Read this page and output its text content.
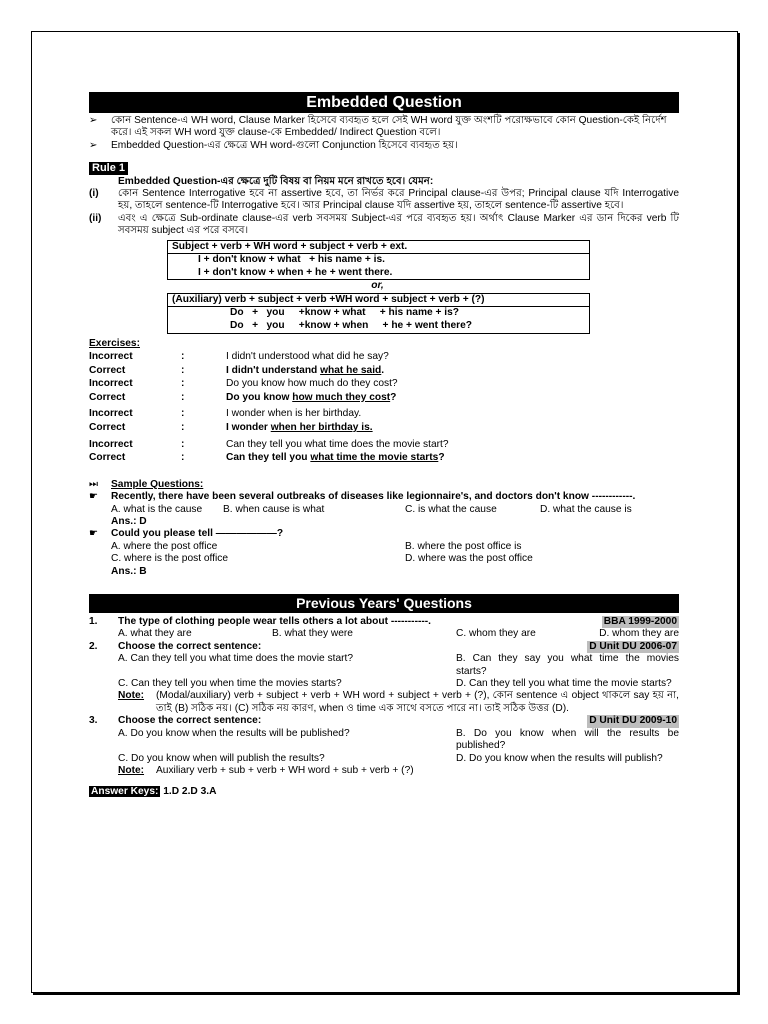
Embedded Question
➢	কোন Sentence-এ WH word, Clause Marker হিসেবে ব্যবহৃত হলে সেই WH word যুক্ত অংশটি পরোক্ষভাবে কোন Question-কেই নির্দেশ করে। এই সকল WH word যুক্ত clause-কে Embedded/ Indirect Question বলে।
➢	Embedded Question-এর ক্ষেত্রে WH word-গুলো Conjunction হিসেবে ব্যবহৃত হয়।
Rule 1
Embedded Question-এর ক্ষেত্রে দুটি বিষয় বা নিয়ম মনে রাখতে হবে। যেমন:
(i)	কোন Sentence Interrogative হবে না assertive হবে, তা নির্ভর করে Principal clause-এর উপর; Principal clause যদি Interrogative হয়, তাহলে sentence-টি Interrogative হবে। আর Principal clause যদি assertive হয়, তাহলে sentence-টি assertive হবে।
(ii)	এবং এ ক্ষেত্রে Sub-ordinate clause-এর verb সবসময় Subject-এর পরে ব্যবহৃত হয়। অর্থাৎ Clause Marker এর ডান দিকের verb টি সবসময় subject এর পরে বসবে।
Subject + verb + WH word + subject + verb + ext.
I + don't know + what   + his name + is.
I + don't know + when + he + went there.
or,
(Auxiliary) verb + subject + verb +WH word + subject + verb + (?)
Do   +   you     +know + what     + his name + is?
Do   +   you     +know + when     + he + went there?
Exercises:
Incorrect	:	I didn't understood what did he say?
Correct	:	I didn't understand what he said.
Incorrect	:	Do you know how much do they cost?
Correct	:	Do you know how much they cost?
Incorrect	:	I wonder when is her birthday.
Correct	:	I wonder when her birthday is.
Incorrect	:	Can they tell you what time does the movie start?
Correct	:	Can they tell you what time the movie starts?
⏭	Sample Questions:
☛	Recently, there have been several outbreaks of diseases like legionnaire's, and doctors don't know ------------.
A. what is the cause	B. when cause is what	C. is what the cause	D. what the cause is
Ans.: D
☛	Could you please tell ——————?
A. where the post office	B. where the post office is
C. where is the post office	D. where was the post office
Ans.: B
Previous Years' Questions
1.	The type of clothing people wear tells others a lot about -----------.	BBA 1999-2000
A. what they are	B. what they were	C. whom they are	D. whom they are
2.	Choose the correct sentence:	D Unit DU 2006-07
A. Can they tell you what time does the movie start?	B. Can they say you what time the movies starts?
C. Can they tell you when time the movies starts?	D. Can they tell you what time the movie starts?
Note:	(Modal/auxiliary) verb + subject + verb + WH word + subject + verb + (?), কোন sentence এ object থাকলে say হয় না, তাই (B) সঠিক নয়। (C) সঠিক নয় কারণ, when ও time এক সাথে বসতে পারে না। তাই সঠিক উত্তর (D).
3.	Choose the correct sentence:	D Unit DU 2009-10
A. Do you know when the results will be published?	B. Do you know when will the results be published?
C. Do you know when will publish the results?	D. Do you know when the results will publish?
Note:	Auxiliary verb + sub + verb + WH word + sub + verb + (?)
Answer Keys: 1.D 2.D 3.A
